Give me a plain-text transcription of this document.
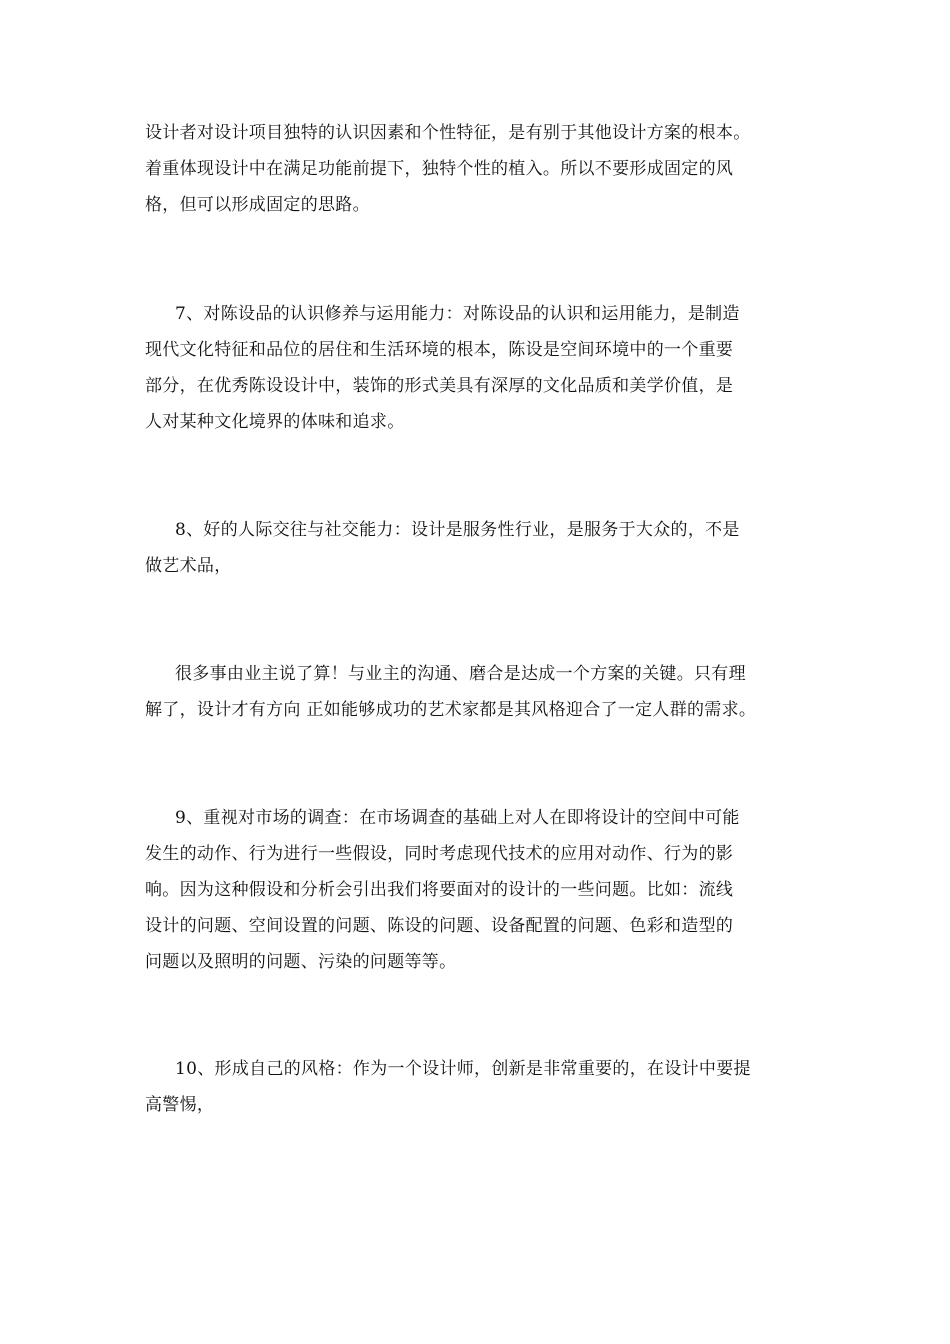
设计者对设计项目独特的认识因素和个性特征，是有别于其他设计方案的根本。
着重体现设计中在满足功能前提下，独特个性的植入。所以不要形成固定的风
格，但可以形成固定的思路。
7、对陈设品的认识修养与运用能力：对陈设品的认识和运用能力，是制造
现代文化特征和品位的居住和生活环境的根本，陈设是空间环境中的一个重要
部分，在优秀陈设设计中，装饰的形式美具有深厚的文化品质和美学价值，是
人对某种文化境界的体味和追求。
8、好的人际交往与社交能力：设计是服务性行业，是服务于大众的，不是
做艺术品，
很多事由业主说了算！与业主的沟通、磨合是达成一个方案的关键。只有理
解了，设计才有方向 正如能够成功的艺术家都是其风格迎合了一定人群的需求。
9、重视对市场的调查：在市场调查的基础上对人在即将设计的空间中可能
发生的动作、行为进行一些假设，同时考虑现代技术的应用对动作、行为的影
响。因为这种假设和分析会引出我们将要面对的设计的一些问题。比如：流线
设计的问题、空间设置的问题、陈设的问题、设备配置的问题、色彩和造型的
问题以及照明的问题、污染的问题等等。
10、形成自己的风格：作为一个设计师，创新是非常重要的，在设计中要提
高警惕，
